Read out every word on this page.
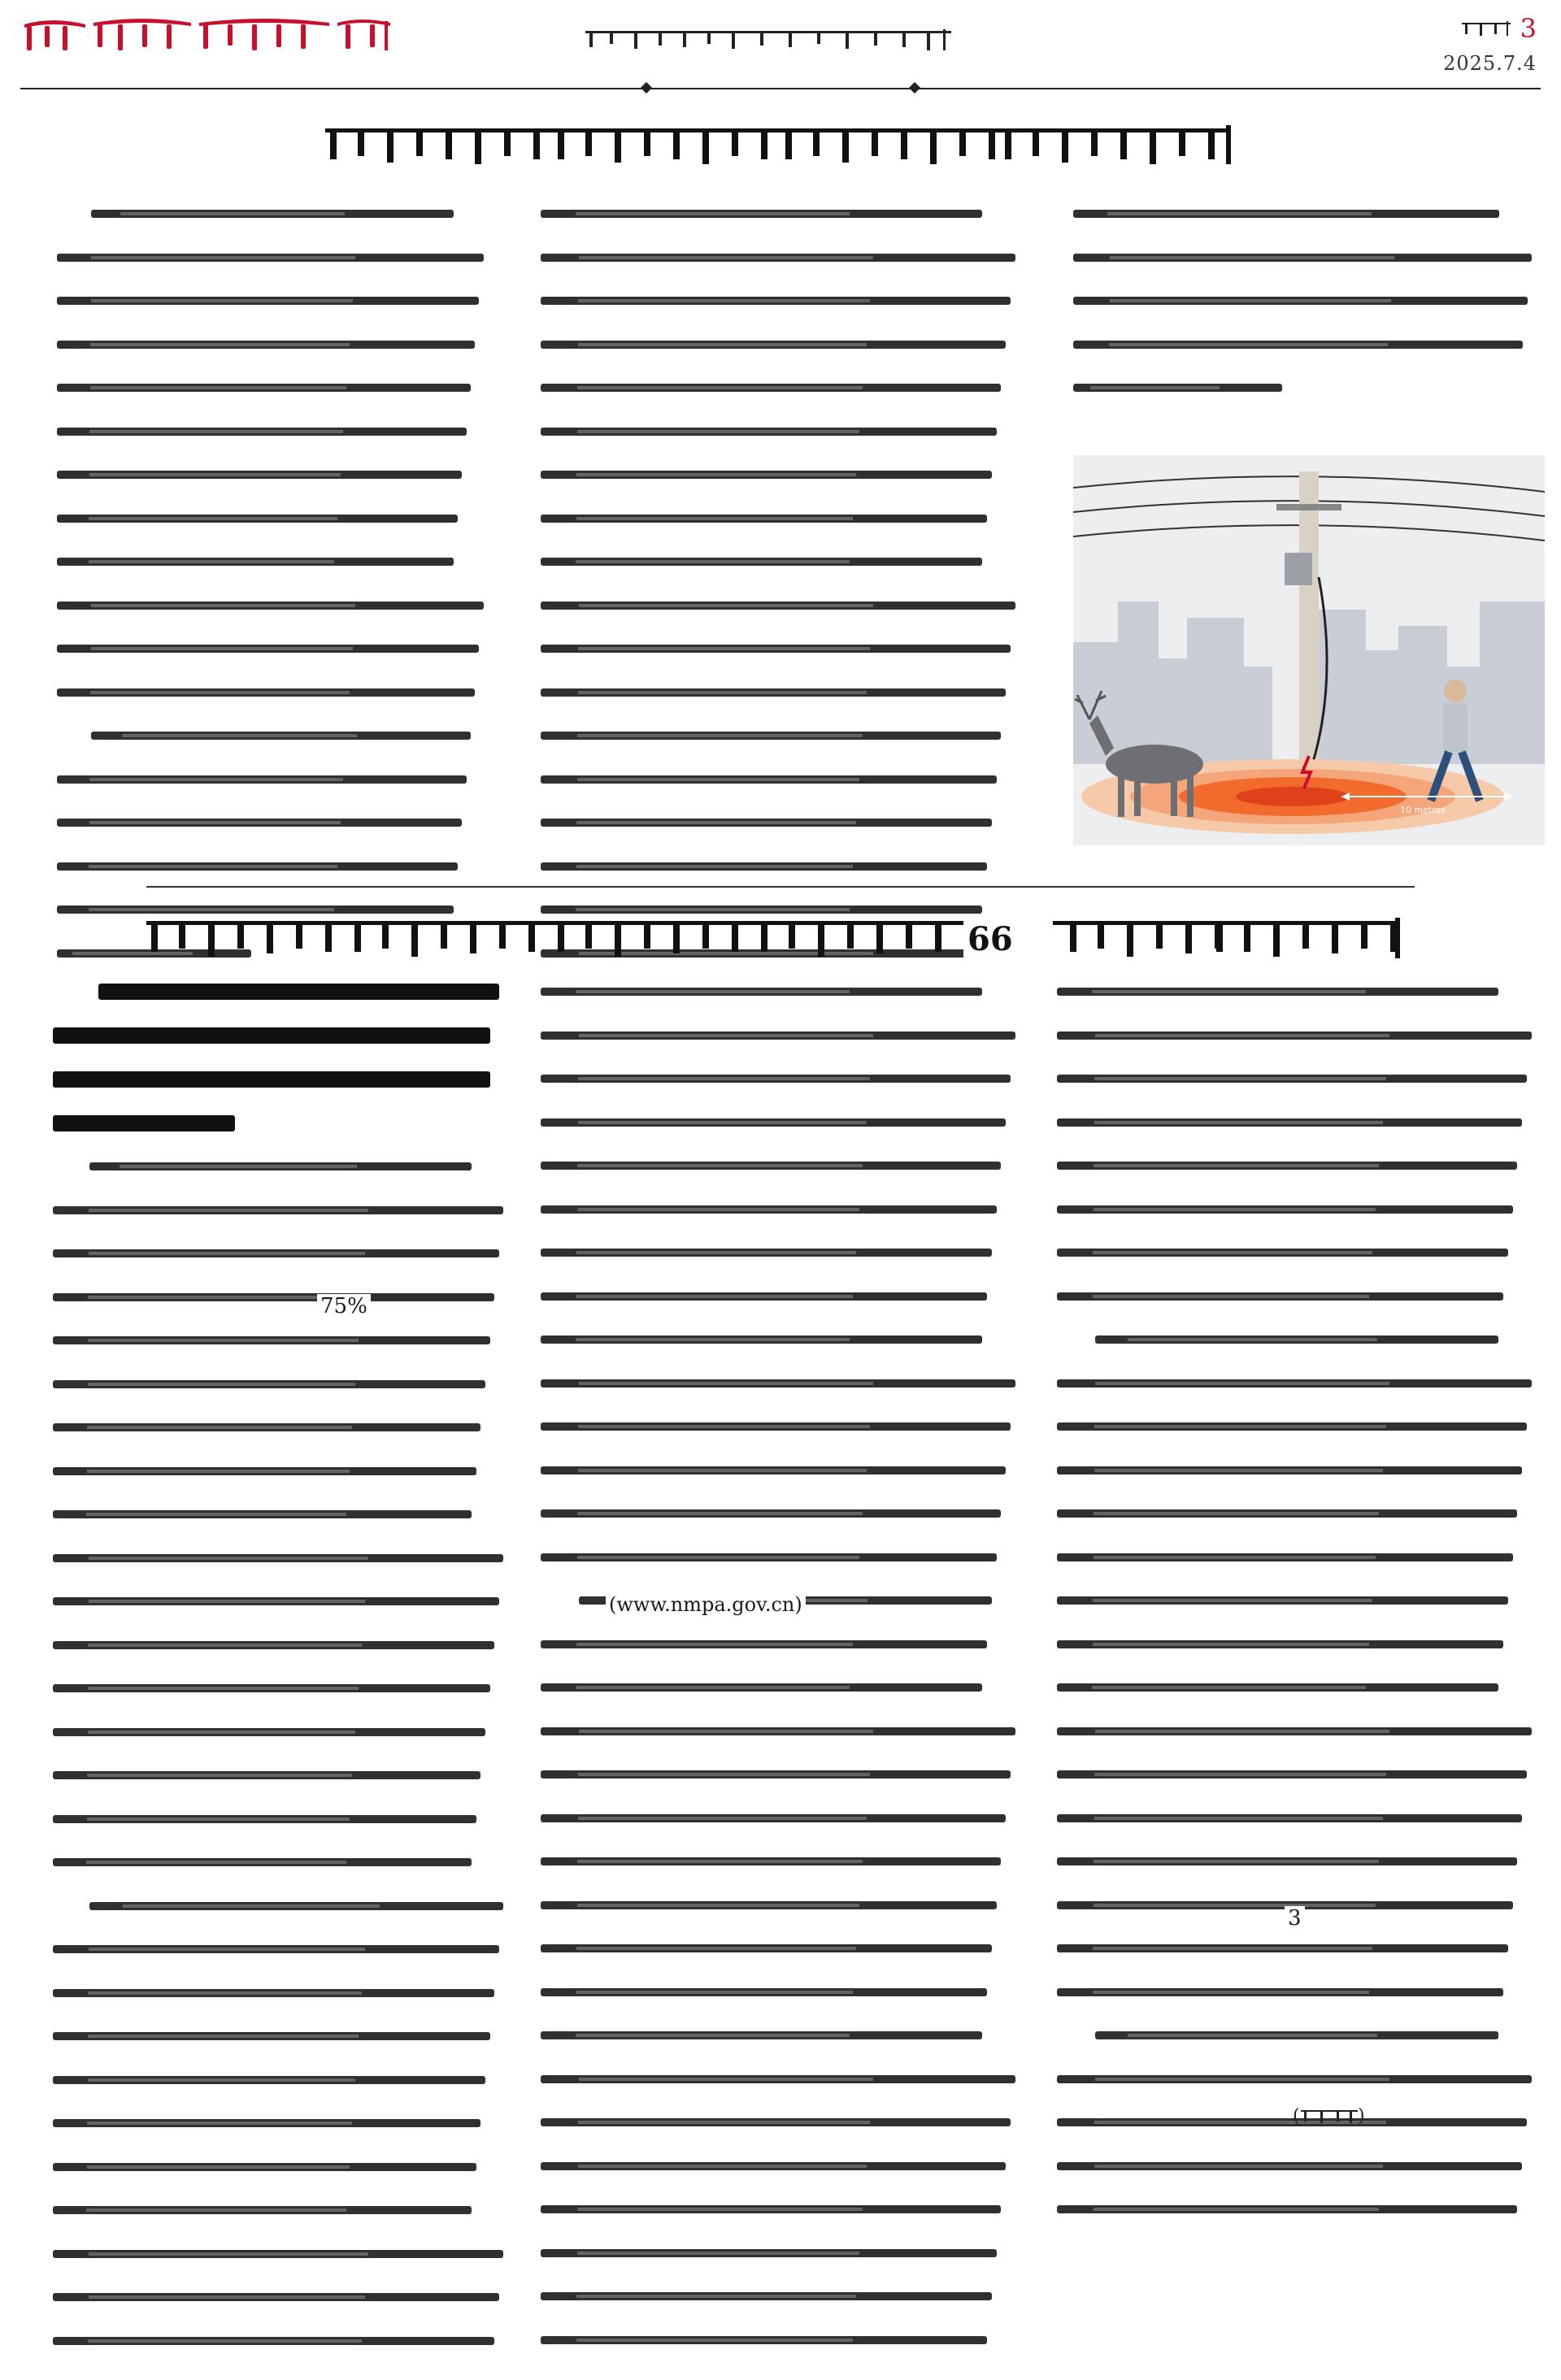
3
2025.7.4
10 metres
66
75%
(www.nmpa.gov.cn)
3
(	)
